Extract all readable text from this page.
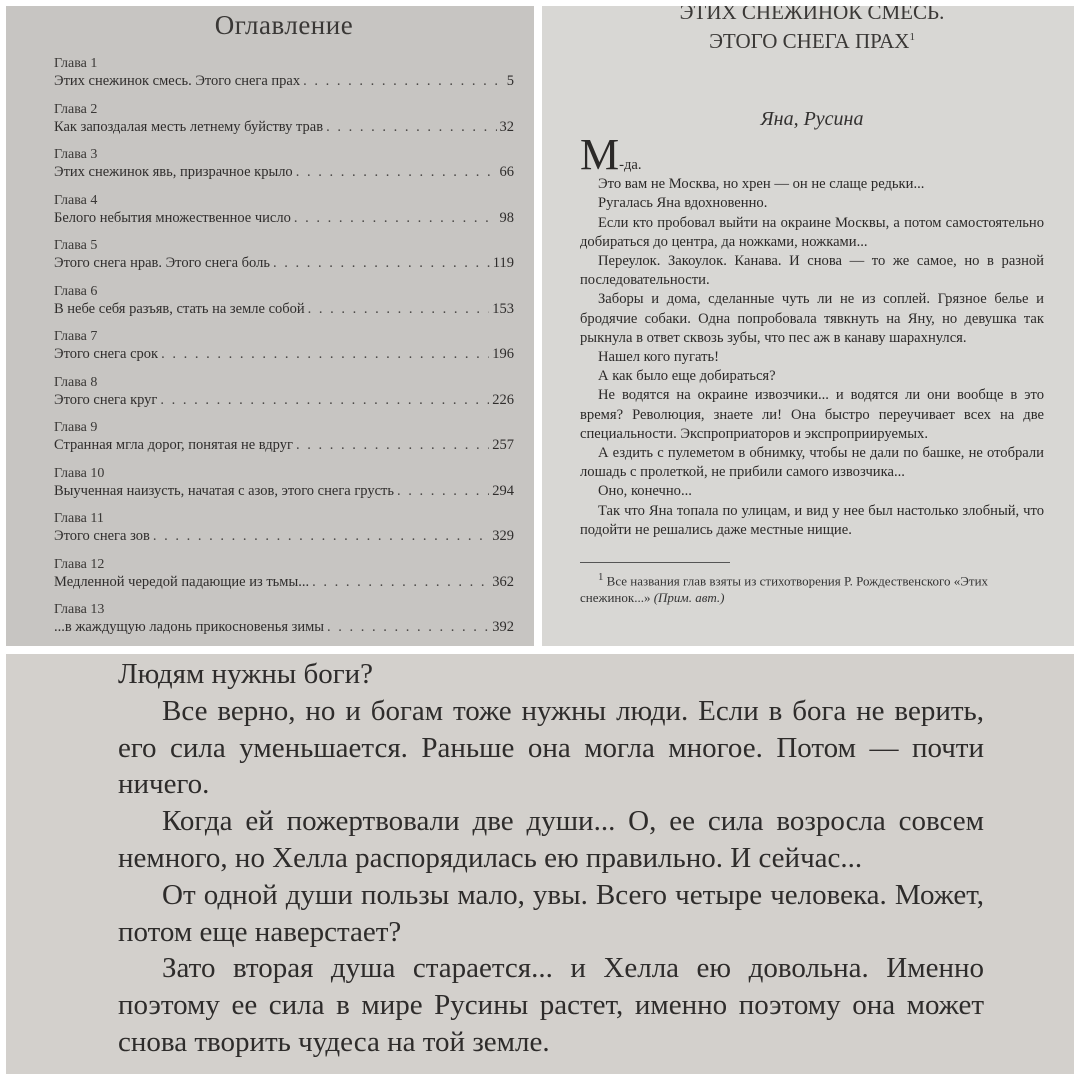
Оглавление
Глава 1
Этих снежинок смесь. Этого снега прах . . .	5
Глава 2
Как запоздалая месть летнему буйству трав . . .	32
Глава 3
Этих снежинок явь, призрачное крыло . . .	66
Глава 4
Белого небытия множественное число . . .	98
Глава 5
Этого снега нрав. Этого снега боль . . .	119
Глава 6
В небе себя разъяв, стать на земле собой . . .	153
Глава 7
Этого снега срок . . .	196
Глава 8
Этого снега круг . . .	226
Глава 9
Странная мгла дорог, понятая не вдруг . . .	257
Глава 10
Выученная наизусть, начатая с азов, этого снега грусть . . .	294
Глава 11
Этого снега зов . . .	329
Глава 12
Медленной чередой падающие из тьмы... . . .	362
Глава 13
...в жаждущую ладонь прикосновенья зимы . . .	392
ЭТИХ СНЕЖИНОК СМЕСЬ.
ЭТОГО СНЕГА ПРАХ$^1$
Яна, Русина

М-да.

Это вам не Москва, но хрен — он не слаще редьки...

Ругалась Яна вдохновенно.

Если кто пробовал выйти на окраине Москвы, а потом самостоятельно добираться до центра, да ножками, ножками...

Переулок. Закоулок. Канава. И снова — то же самое, но в разной последовательности.

Заборы и дома, сделанные чуть ли не из соплей. Грязное белье и бродячие собаки. Одна попробовала тявкнуть на Яну, но девушка так рыкнула в ответ сквозь зубы, что пес аж в канаву шарахнулся.

Нашел кого пугать!

А как было еще добираться?

Не водятся на окраине извозчики... и водятся ли они вообще в это время? Революция, знаете ли! Она быстро переучивает всех на две специальности. Экспроприаторов и экспроприируемых.

А ездить с пулеметом в обнимку, чтобы не дали по башке, не отобрали лошадь с пролеткой, не прибили самого извозчика...

Оно, конечно...

Так что Яна топала по улицам, и вид у нее был настолько злобный, что подойти не решались даже местные нищие.

$^1$ Все названия глав взяты из стихотворения Р. Рождественского «Этих снежинок...» (Прим. авт.)

Людям нужны боги?

Все верно, но и богам тоже нужны люди. Если в бога не верить, его сила уменьшается. Раньше она могла многое. Потом — почти ничего.

Когда ей пожертвовали две души... О, ее сила возросла совсем немного, но Хелла распорядилась ею правильно. И сейчас...

От одной души пользы мало, увы. Всего четыре человека. Может, потом еще наверстает?

Зато вторая душа старается... и Хелла ею довольна. Именно поэтому ее сила в мире Русины растет, именно поэтому она может снова творить чудеса на той земле.
